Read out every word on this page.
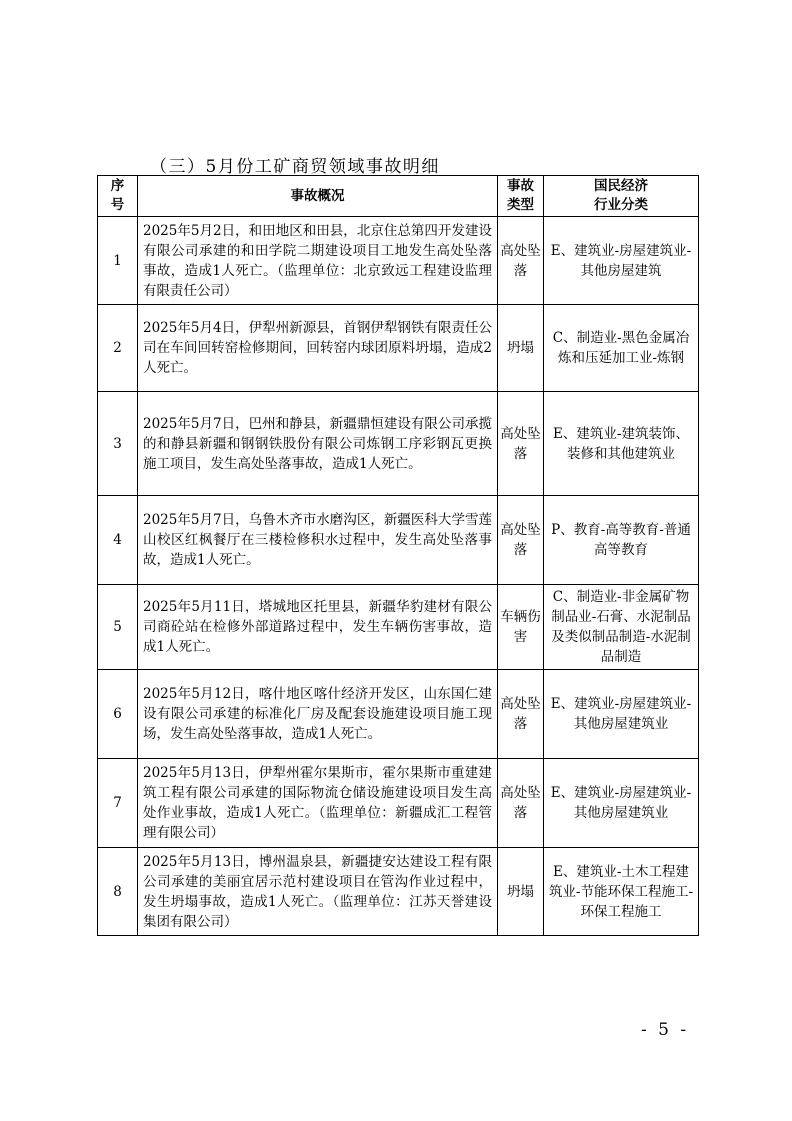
（三）5月份工矿商贸领域事故明细
序号	事故概况	事故类型	国民经济行业分类
1	2025年5月2日，和田地区和田县，北京住总第四开发建设有限公司承建的和田学院二期建设项目工地发生高处坠落事故，造成1人死亡。（监理单位：北京致远工程建设监理有限责任公司）	高处坠落	E、建筑业-房屋建筑业-其他房屋建筑
2	2025年5月4日，伊犁州新源县，首钢伊犁钢铁有限责任公司在车间回转窑检修期间，回转窑内球团原料坍塌，造成2人死亡。	坍塌	C、制造业-黑色金属冶炼和压延加工业-炼钢
3	2025年5月7日，巴州和静县，新疆鼎恒建设有限公司承揽的和静县新疆和钢钢铁股份有限公司炼钢工序彩钢瓦更换施工项目，发生高处坠落事故，造成1人死亡。	高处坠落	E、建筑业-建筑装饰、装修和其他建筑业
4	2025年5月7日，乌鲁木齐市水磨沟区，新疆医科大学雪莲山校区红枫餐厅在三楼检修积水过程中，发生高处坠落事故，造成1人死亡。	高处坠落	P、教育-高等教育-普通高等教育
5	2025年5月11日，塔城地区托里县，新疆华豹建材有限公司商砼站在检修外部道路过程中，发生车辆伤害事故，造成1人死亡。	车辆伤害	C、制造业-非金属矿物制品业-石膏、水泥制品及类似制品制造-水泥制品制造
6	2025年5月12日，喀什地区喀什经济开发区，山东国仁建设有限公司承建的标准化厂房及配套设施建设项目施工现场，发生高处坠落事故，造成1人死亡。	高处坠落	E、建筑业-房屋建筑业-其他房屋建筑业
7	2025年5月13日，伊犁州霍尔果斯市，霍尔果斯市重建建筑工程有限公司承建的国际物流仓储设施建设项目发生高处作业事故，造成1人死亡。（监理单位：新疆成汇工程管理有限公司）	高处坠落	E、建筑业-房屋建筑业-其他房屋建筑业
8	2025年5月13日，博州温泉县，新疆捷安达建设工程有限公司承建的美丽宜居示范村建设项目在管沟作业过程中，发生坍塌事故，造成1人死亡。（监理单位：江苏天誉建设集团有限公司）	坍塌	E、建筑业-土木工程建筑业-节能环保工程施工-环保工程施工
- 5 -
